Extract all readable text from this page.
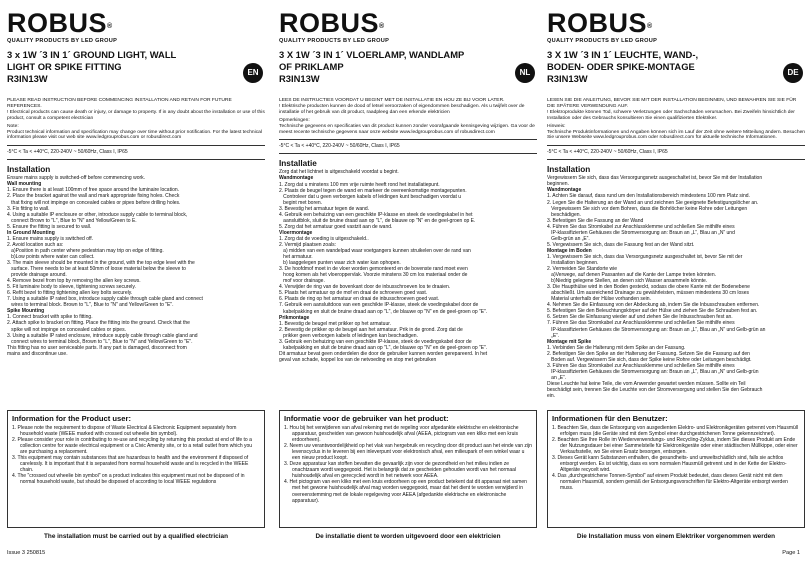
ROBUS®
QUALITY PRODUCTS BY LED GROUP
3 x 1W ´3 IN 1´ GROUND LIGHT, WALL
LIGHT OR SPIKE FITTING
R3IN13W
EN

PLEASE READ INSTRUCTION BEFORE COMMENCING INSTALLATION AND RETAIN FOR FUTURE REFERENCES.
! Electrical products can cause death or injury, or damage to property. If in any doubt about the installation or use of this product, consult a competent electrician

Note:
Product technical information and specification may change over time without prior notification. For the latest technical information please visit our web site www.ledgrouprobus.com or robusdirect.com

-5°C < Ta < +40°C, 220-240V ~ 50/60Hz, Class I, IP65
Installation
Ensure mains supply is switched-off before commencing work.
Wall mounting
1. Ensure there is at least 100mm of free space around the luminaire location.
2. Place the bracket against the wall and mark appropriate fixing holes. Check
that fixing will not impinge on concealed cables or pipes before drilling holes.
3. Fix fitting to wall.
4. Using a suitable IP enclosure or other, introduce supply cable to terminal block,
connect Brown to "L", Blue to "N" and Yellow/Green to E.
5. Ensure the fitting is secured to wall.
In Ground Mounting
1. Ensure mains supply is switched off.
2. Avoid location such as:
a)Position in path center where pedestrian may trip on edge of fitting.
b)Low points where water can collect.
3. The main sleeve should be mounted in the ground, with the top edge level with the
surface. There needs to be at least 50mm of loose material below the sleeve to
provide drainage around.
4. Remove bezel from top by removing the allen key screws.
5. Fit luminaire body to sleeve, tightening screws securely.
6. Refit bezel to fitting tightening allen key bolts securely.
7. Using a suitable IP rated box, introduce supply cable through cable gland and connect
wires to terminal block. Brown to "L", Blue to "N" and Yellow/Green to "E".
Spike Mounting
1. Connect bracket with spike to fitting.
2. Attach spike to bracket on fitting. Place the fitting into the ground. Check that the
spike will not impinge on concealed cables or pipes.
3. Using a suitable IP rated enclosure, introduce supply cable through cable gland and
connect wires to terminal block, Brown to "L", Blue to "N" and Yellow/Green to "E".
This fitting has no user serviceable parts. If any part is damaged, disconnect from
mains and discontinue use.
ROBUS®
QUALITY PRODUCTS BY LED GROUP
3 X 1W ´3 IN 1´ VLOERLAMP, WANDLAMP
OF PRIKLAMP
R3IN13W
NL

LEES DE INSTRUCTIES VOORDAT U BEGINT MET DE INSTALLATIE EN HOU ZE BIJ VOOR LATER.
! Elektrische producten kunnen de dood of letsel veroorzaken of eigendommen beschadigen. Als u twijfelt over de installatie of het gebruik van dit product, raadpleeg dan een erkende elektricien

Opmerkingen:
Technische gegevens en specificaties van dit product kunnen zonder voorafgaande kennisgeving wijzigen. Ga voor de meest recente technische gegevens naar onze website www.ledgrouprobus.com of robusdirect.com

-5°C < Ta < +40°C, 220-240V ~ 50/60Hz, Class I, IP65
Installatie
Zorg dat het lichtnet is uitgeschakeld voordat u begint.
Wandmontage
1. Zorg dat u minstens 100 mm vrije ruimte heeft rond het installatiepunt.
2. Plaats de beugel tegen de wand en markeer de overeenkomstige montagepunten.
Controleer dat u geen verborgen kabels of leidingen kunt beschadigen voordat u
begint met boren.
3. Bevestig het armatuur tegen de wand.
4. Gebruik een behuizing van een geschikte IP-klasse en steek de voedingskabel in het
aansluitblok, sluit de bruine draad aan op "L", de blauwe op "N" en de geel-groen op E.
5. Zorg dat het armatuur goed vastzit aan de wand.
Vloermontage
1. Zorg dat de voeding is uitgeschakeld..
2. Vermijd plaatsen zoals:
a) midden van een wandelpad waar voetgangers kunnen struikelen over de rand van
het armatuur.
b) laaggelegen punten waar zich water kan ophopen.
3. De hoofdmof moet in de vloer worden gemonteerd en de bovenste rand moet even
hoog komen als het vloeroppervlak. Voorzie minstens 30 cm los materiaal onder de
mof voor drainage.
4. Verwijder de ring van de bovenkant door de inbusschroeven los te draaien.
5. Plaats het armatuur op de mof en draai de schroeven goed vast.
6. Plaats de ring op het armatuur en draai de inbusschroeven goed vast.
7. Gebruik een aansluitdoos van een geschikte IP-klasse, steek de voedingskabel door de
kabelpakking en sluit de bruine draad aan op "L", de blauwe op "N" en de geel-groen op "E".
Prikmontage
1. Bevestig de beugel met prikker op het armatuur.
2. Bevestig de prikker op de beugel aan het armatuur. Prik in de grond. Zorg dat de
prikker geen verborgen kabels of leidingen kan beschadigen.
3. Gebruik een behuizing van een geschikte IP-klasse, steek de voedingskabel door de
kabelpakking en sluit de bruine draad aan op "L", de blauwe op "N" en de geel-groen op "E".
Dit armatuur bevat geen onderdelen die door de gebruiker kunnen worden gerepareerd. In het
geval van schade, koppel los van de netvoeding en stop met gebruiken
ROBUS®
QUALITY PRODUCTS BY LED GROUP
3 X 1W ´3 IN 1´ LEUCHTE, WAND-,
BODEN- ODER SPIKE-MONTAGE
R3IN13W
DE

LESEN SIE DIE ANLEITUNG, BEVOR SIE MIT DER INSTALLATION BEGINNEN, UND BEWAHREN SIE SIE FÜR DIE SPÄTERE VERWENDUNG AUF.
! Elektroprodukte können Tod, schwere Verletzungen oder Sachschäden verursachen. Bei Zweifeln hinsichtlich der Installation oder des Gebrauchs konsultieren Sie einen qualifizierten Elektriker.

Hinweis:
Technische Produktinformationen und Angaben können sich im Lauf der Zeit ohne weitere Mitteilung ändern. Besuchen Sie unsere Webseite www.ledgrouprobus.com oder robusdirect.com für aktuelle technische Informationen.

-5°C < Ta < +40°C, 220-240V ~ 50/60Hz, Class I, IP65
Installation
Vergewissern Sie sich, dass das Versorgungsnetz ausgeschaltet ist, bevor Sie mit der Installation
beginnen.
Wandmontage
1. Achten Sie darauf, dass rund um den Installationsbereich mindestens 100 mm Platz sind.
2. Legen Sie die Halterung an der Wand an und zeichnen Sie geeignete Befestigungslöcher an.
Vergewissern Sie sich vor dem Bohren, dass die Bohrlöcher keine Rohre oder Leitungen
beschädigen.
3. Befestigen Sie die Fassung an der Wand
4. Führen Sie das Stromkabel zur Anschlussklemme und schließen Sie mithilfe eines
IP-klassifizierten Gehäuses die Stromversorgung an: Braun an „L“, Blau an „N“ und
Gelb-grün an „E“.
5. Vergewissern Sie sich, dass die Fassung fest an der Wand sitzt.
Montage im Boden
1. Vergewissern Sie sich, dass das Versorgungsnetz ausgeschaltet ist, bevor Sie mit der
Installation beginnen.
2. Vermeiden Sie Standorte wie
a)Verwege, auf denen Passanten auf die Kante der Lampe treten könnten.
b)Niedrig gelegene Stellen, an denen sich Wasser ansammeln könnte.
3. Die Haupthülse wird in den Boden gesteckt, sodass die obere Kante mit der Bodenebene
abschließt. Um ausreichend Drainage zu gewährleisten, müssen mindestens 30 cm loses
Material unterhalb der Hülse vorhanden sein.
4. Nehmen Sie die Einfassung von der Abdeckung ab, indem Sie die Inbusschrauben entfernen.
5. Befestigen Sie den Beleuchtungskörper auf der Hülse und ziehen Sie die Schrauben fest an.
6. Setzen Sie die Einfassung wieder auf und ziehen Sie die Inbusschrauben fest an.
7. Führen Sie das Stromkabel zur Anschlussklemme und schließen Sie mithilfe eines
IP-klassifizierten Gehäuses die Stromversorgung an: Braun an „L“, Blau an „N“ und Gelb-grün an
„E“.
Montage mit Spike
1. Verbinden Sie die Halterung mit dem Spike an der Fassung.
2. Befestigen Sie den Spike an der Halterung der Fassung. Setzen Sie die Fassung auf den
Boden auf. Vergewissern Sie sich, dass der Spike keine Rohre oder Leitungen beschädigt.
3. Führen Sie das Stromkabel zur Anschlussklemme und schließen Sie mithilfe eines
IP-klassifizierten Gehäuses die Stromversorgung an: Braun an „L“, Blau an „N“ und Gelb-grün
an „E“.
Diese Leuchte hat keine Teile, die vom Anwender gewartet werden müssen. Sollte ein Teil
beschädigt sein, trennen Sie die Leuchte von der Stromversorgung und stellen Sie den Gebrauch
ein.
Issue 3 250815	Page 1
Information for the Product user:
1. Please note the requirement to dispose of Waste Electrical & Electronic Equipment separately from household waste (WEEE marked with crossed out wheelie bin symbol).
2. Please consider your role in contributing to re-use and recycling by returning this product at end of life to a collection centre for waste electrical equipment or a Civic Amenity site, or to a retail outlet from which you are purchasing a replacement.
3. This equipment may contain substances that are hazardous to health and the environment if disposed of carelessly. It is important that it is separated from normal household waste and is recycled in the WEEE chain.
4. The "crossed out wheelie bin symbol" on a product indicates this equipment must not be disposed of in normal household waste, but should be disposed of according to local WEEE regulations
The installation must be carried out by a qualified electrician
Informatie voor de gebruiker van het product:
1. Hou bij het verwijderen van afval rekening met de regeling voor afgedankte elektrische en elektronische apparatuur, gescheiden van gewoon huishoudelijk afval (AEEA, pictogram van een kliko met een kruis erdoorheen).
2. Neem uw verantwoordelijkheid op het vlak van hergebruik en recycling door dit product aan het einde van zijn levenscyclus in te leveren bij een inleverpunt voor elektronisch afval, een milieupark of een winkel waar u een nieuw product koopt.
3. Deze apparatuur kan stoffen bevatten die gevaarlijk zijn voor de gezondheid en het milieu indien ze onachtzaam wordt weggegooid. Het is belangrijk dat ze gescheiden gehouden wordt van het normaal huishoudelijk afval en gerecycled wordt in het netwerk voor AEEA.
4. Het pictogram van een kliko met een kruis erdoorheen op een product betekent dat dit apparaat niet samen met het gewone huishoudelijk afval mag worden weggegooid, maar dat het dient te worden verwijderd in overeenstemming met de lokale regelgeving voor AEEA (afgedankte elektrische en elektronische apparatuur).
De installatie dient te worden uitgevoerd door een elektricien
Informationen für den Benutzer:
1. Beachten Sie, dass die Entsorgung von ausgedienten Elektro- und Elektronikgeräten getrennt vom Hausmüll erfolgen muss (die Geräte sind mit dem Symbol einer durchgestrichenen Tonne gekennzeichnet).
2. Beachten Sie Ihre Rolle im Wiederverwendungs- und Recycling-Zyklus, indem Sie dieses Produkt am Ende der Nutzungsdauer bei einer Sammelstelle für Elektronikgeräte oder einer städtischen Müllkippe, oder einer Verkaufsstelle, wo Sie einen Ersatz besorgen, entsorgen.
3. Dieses Gerät kann Substanzen enthalten, die gesundheits- und umweltschädlich sind, falls sie achtlos entsorgt werden. Es ist wichtig, dass es vom normalen Hausmüll getrennt und in der Kette der Elektro-Altgeräte recycelt wird.
4. Das „durchgestrichene Tonnen-Symbol“ auf einem Produkt bedeutet, dass dieses Gerät nicht mit dem normalen Hausmüll, sondern gemäß der Entsorgungsvorschriften für Elektro-Altgeräte entsorgt werden muss.
Die Installation muss von einem Elektriker vorgenommen werden
